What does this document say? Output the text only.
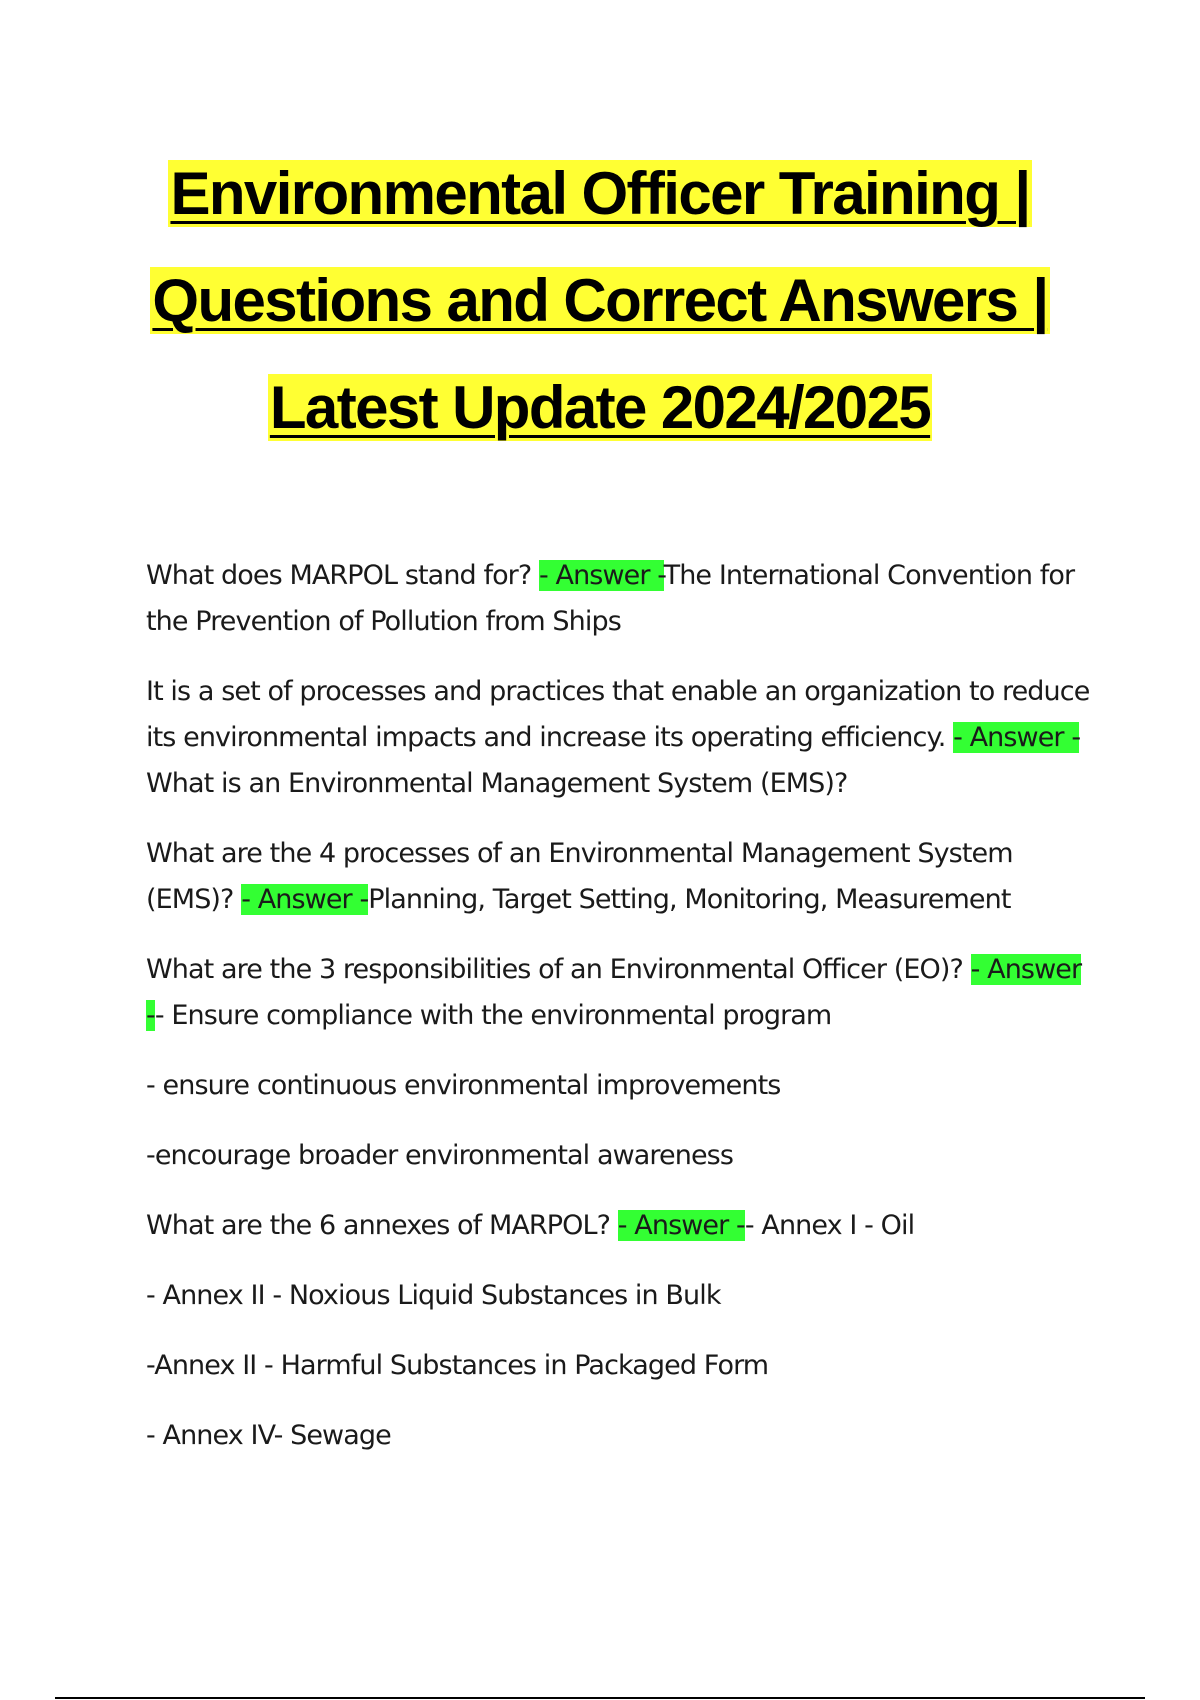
Environmental Officer Training |
Questions and Correct Answers |
Latest Update 2024/2025

What does MARPOL stand for? - Answer -The International Convention for the Prevention of Pollution from Ships

It is a set of processes and practices that enable an organization to reduce its environmental impacts and increase its operating efficiency. - Answer -What is an Environmental Management System (EMS)?

What are the 4 processes of an Environmental Management System (EMS)? - Answer -Planning, Target Setting, Monitoring, Measurement

What are the 3 responsibilities of an Environmental Officer (EO)? - Answer -- Ensure compliance with the environmental program

- ensure continuous environmental improvements

-encourage broader environmental awareness

What are the 6 annexes of MARPOL? - Answer -- Annex I - Oil

- Annex II - Noxious Liquid Substances in Bulk

-Annex II - Harmful Substances in Packaged Form

- Annex IV- Sewage
